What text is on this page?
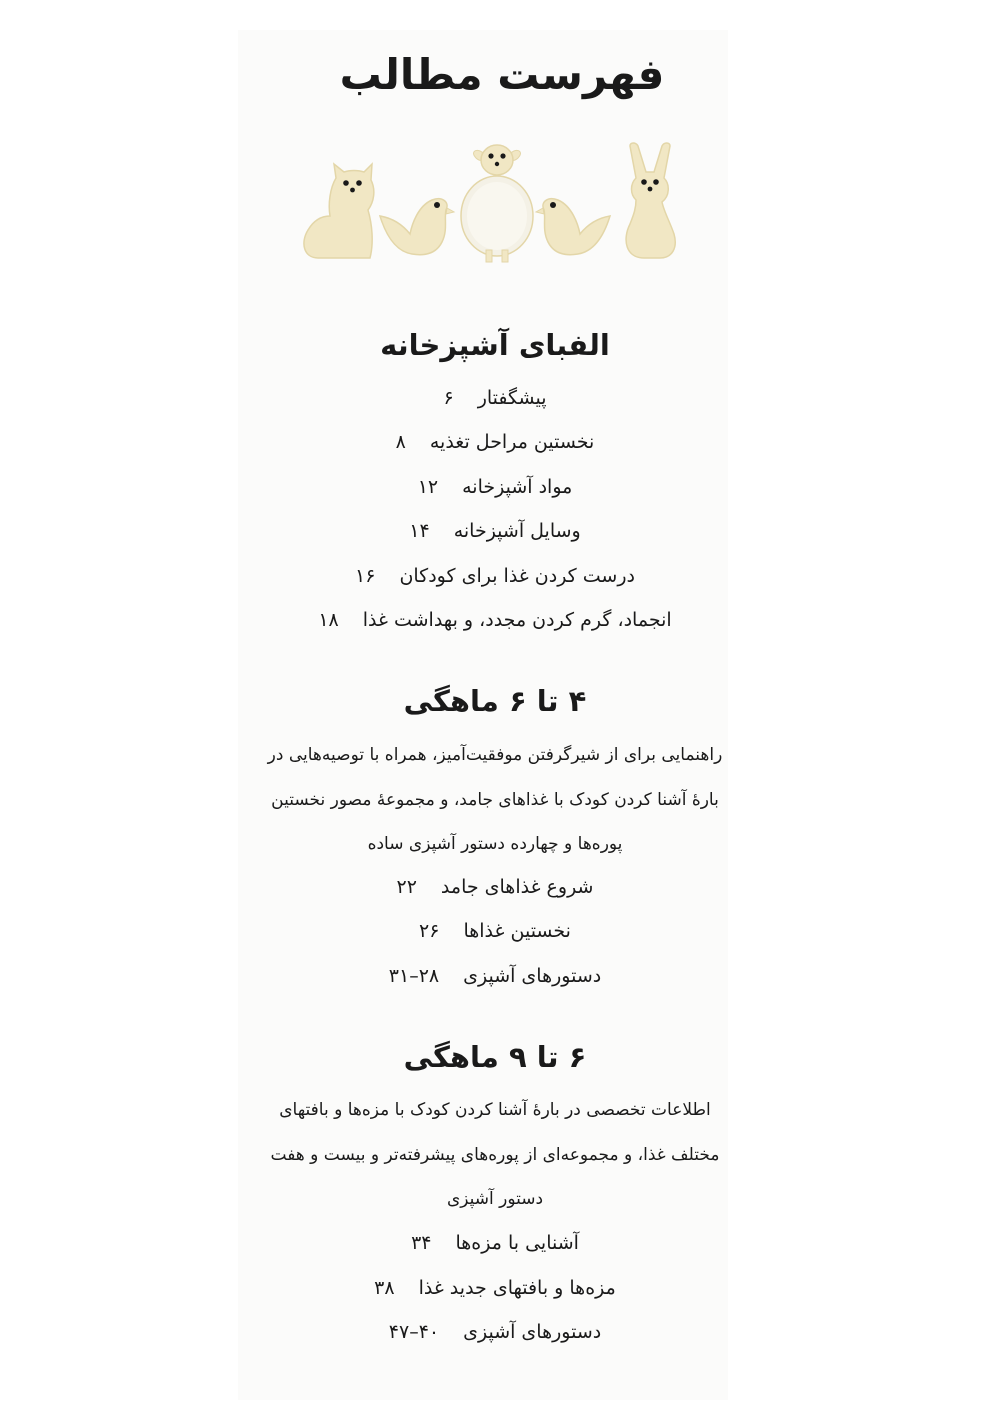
فهرست مطالب
الفبای آشپزخانه
پیشگفتار۶
نخستین مراحل تغذیه۸
مواد آشپزخانه۱۲
وسایل آشپزخانه۱۴
درست کردن غذا برای کودکان۱۶
انجماد، گرم کردن مجدد، و بهداشت غذا۱۸
۴ تا ۶ ماهگی
راهنمایی برای از شیرگرفتن موفقیت‌آمیز، همراه با توصیه‌هایی در
بارهٔ آشنا کردن کودک با غذاهای جامد، و مجموعهٔ مصور نخستین
پوره‌ها و چهارده دستور آشپزی ساده
شروع غذاهای جامد۲۲
نخستین غذاها۲۶
دستورهای آشپزی۲۸–۳۱
۶ تا ۹ ماهگی
اطلاعات تخصصی در بارهٔ آشنا کردن کودک با مزه‌ها و بافتهای
مختلف غذا، و مجموعه‌ای از پوره‌های پیشرفته‌تر و بیست و هفت
دستور آشپزی
آشنایی با مزه‌ها۳۴
مزه‌ها و بافتهای جدید غذا۳۸
دستورهای آشپزی۴۰–۴۷
